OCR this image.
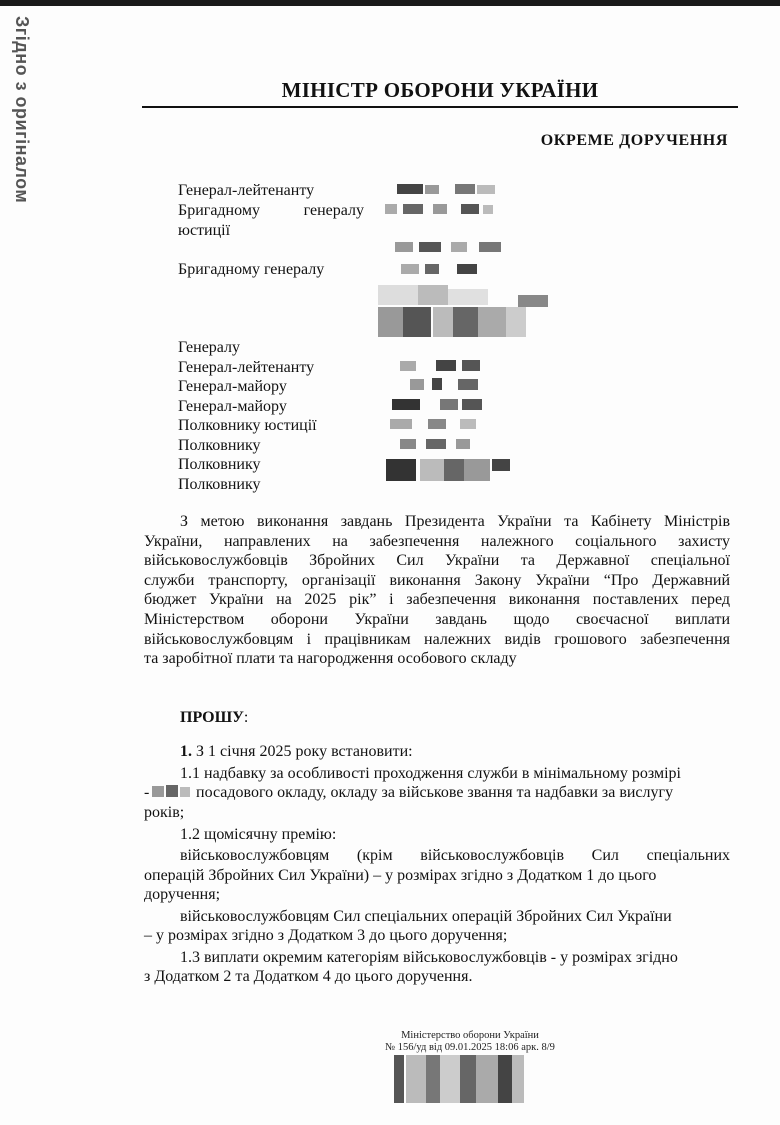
Згідно з оригіналом	МІНІСТР ОБОРОНИ УКРАЇНИ
ОКРЕМЕ ДОРУЧЕННЯ
Генерал-лейтенанту
Бригадному генералу
юстиції
Бригадному генералу
Генералу
Генерал-лейтенанту
Генерал-майору
Генерал-майору
Полковнику юстиції
Полковнику
Полковнику
Полковнику
З метою виконання завдань Президента України та Кабінету Міністрів
України, направлених на забезпечення належного соціального захисту
військовослужбовців Збройних Сил України та Державної спеціальної
служби транспорту, організації виконання Закону України “Про Державний
бюджет України на 2025 рік” і забезпечення виконання поставлених перед
Міністерством оборони України завдань щодо своєчасної виплати
військовослужбовцям і працівникам належних видів грошового забезпечення
та заробітної плати та нагородження особового складу
ПРОШУ:
1. З 1 січня 2025 року встановити:
1.1 надбавку за особливості проходження служби в мінімальному розмірі
-	посадового окладу, окладу за військове звання та надбавки за вислугу
років;
1.2 щомісячну премію:
військовослужбовцям (крім військовослужбовців Сил спеціальних
операцій Збройних Сил України) – у розмірах згідно з Додатком 1 до цього
доручення;
військовослужбовцям Сил спеціальних операцій Збройних Сил України
– у розмірах згідно з Додатком 3 до цього доручення;
1.3 виплати окремим категоріям військовослужбовців - у розмірах згідно
з Додатком 2 та Додатком 4 до цього доручення.
Міністерство оборони України
№ 156/уд від 09.01.2025 18:06 арк. 8/9
